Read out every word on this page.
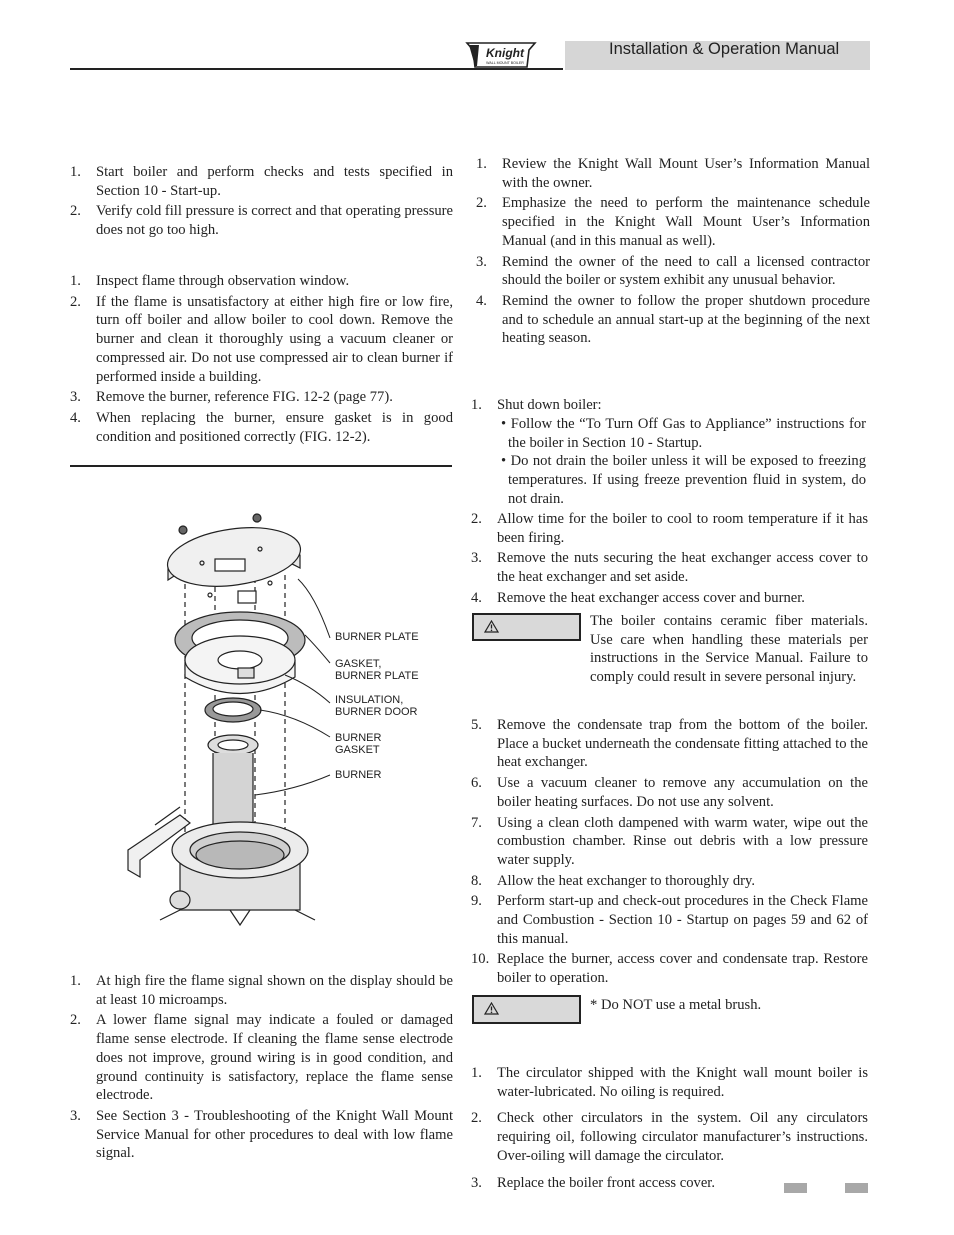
Installation & Operation Manual
Knight
WALL MOUNT BOILER
1. Start boiler and perform checks and tests specified in Section 10 - Start-up.
2. Verify cold fill pressure is correct and that operating pressure does not go too high.
1. Inspect flame through observation window.
2. If the flame is unsatisfactory at either high fire or low fire, turn off boiler and allow boiler to cool down. Remove the burner and clean it thoroughly using a vacuum cleaner or compressed air. Do not use compressed air to clean burner if performed inside a building.
3. Remove the burner, reference FIG. 12-2 (page 77).
4. When replacing the burner, ensure gasket is in good condition and positioned correctly (FIG. 12-2).
BURNER PLATE
GASKET,
BURNER PLATE
INSULATION,
BURNER DOOR
BURNER
GASKET
BURNER
1. At high fire the flame signal shown on the display should be at least 10 microamps.
2. A lower flame signal may indicate a fouled or damaged flame sense electrode. If cleaning the flame sense electrode does not improve, ground wiring is in good condition, and ground continuity is satisfactory, replace the flame sense electrode.
3. See Section 3 - Troubleshooting of the Knight Wall Mount Service Manual for other procedures to deal with low flame signal.
1. Review the Knight Wall Mount User’s Information Manual with the owner.
2. Emphasize the need to perform the maintenance schedule specified in the Knight Wall Mount User’s Information Manual (and in this manual as well).
3. Remind the owner of the need to call a licensed contractor should the boiler or system exhibit any unusual behavior.
4. Remind the owner to follow the proper shutdown procedure and to schedule an annual start-up at the beginning of the next heating season.
1. Shut down boiler:
• Follow the “To Turn Off Gas to Appliance” instructions for the boiler in Section 10 - Startup.
• Do not drain the boiler unless it will be exposed to freezing temperatures. If using freeze prevention fluid in system, do not drain.
2. Allow time for the boiler to cool to room temperature if it has been firing.
3. Remove the nuts securing the heat exchanger access cover to the heat exchanger and set aside.
4. Remove the heat exchanger access cover and burner.
The boiler contains ceramic fiber materials. Use care when handling these materials per instructions in the Service Manual. Failure to comply could result in severe personal injury.
5. Remove the condensate trap from the bottom of the boiler. Place a bucket underneath the condensate fitting attached to the heat exchanger.
6. Use a vacuum cleaner to remove any accumulation on the boiler heating surfaces. Do not use any solvent.
7. Using a clean cloth dampened with warm water, wipe out the combustion chamber. Rinse out debris with a low pressure water supply.
8. Allow the heat exchanger to thoroughly dry.
9. Perform start-up and check-out procedures in the Check Flame and Combustion - Section 10 - Startup on pages 59 and 62 of this manual.
10. Replace the burner, access cover and condensate trap. Restore boiler to operation.
* Do NOT use a metal brush.
1. The circulator shipped with the Knight wall mount boiler is water-lubricated. No oiling is required.
2. Check other circulators in the system. Oil any circulators requiring oil, following circulator manufacturer’s instructions. Over-oiling will damage the circulator.
3. Replace the boiler front access cover.
